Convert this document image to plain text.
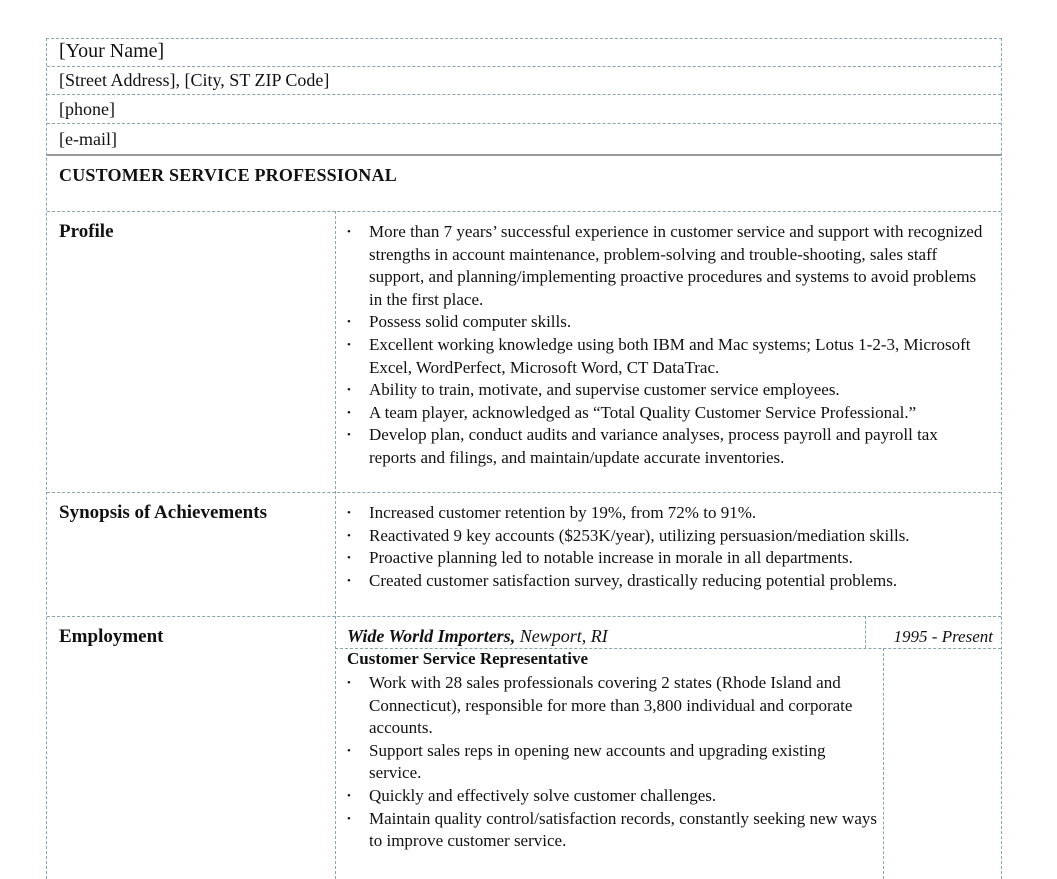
[Your Name]
[Street Address], [City, ST ZIP Code]
[phone]
[e-mail]
CUSTOMER SERVICE PROFESSIONAL
Profile	• More than 7 years’ successful experience in customer service and support with recognized strengths in account maintenance, problem-solving and trouble-shooting, sales staff support, and planning/implementing proactive procedures and systems to avoid problems in the first place.
• Possess solid computer skills.
• Excellent working knowledge using both IBM and Mac systems; Lotus 1-2-3, Microsoft Excel, WordPerfect, Microsoft Word, CT DataTrac.
• Ability to train, motivate, and supervise customer service employees.
• A team player, acknowledged as “Total Quality Customer Service Professional.”
• Develop plan, conduct audits and variance analyses, process payroll and payroll tax reports and filings, and maintain/update accurate inventories.
Synopsis of Achievements	• Increased customer retention by 19%, from 72% to 91%.
• Reactivated 9 key accounts ($253K/year), utilizing persuasion/mediation skills.
• Proactive planning led to notable increase in morale in all departments.
• Created customer satisfaction survey, drastically reducing potential problems.
Employment	Wide World Importers, Newport, RI	1995 - Present
Customer Service Representative
• Work with 28 sales professionals covering 2 states (Rhode Island and Connecticut), responsible for more than 3,800 individual and corporate accounts.
• Support sales reps in opening new accounts and upgrading existing service.
• Quickly and effectively solve customer challenges.
• Maintain quality control/satisfaction records, constantly seeking new ways to improve customer service.
